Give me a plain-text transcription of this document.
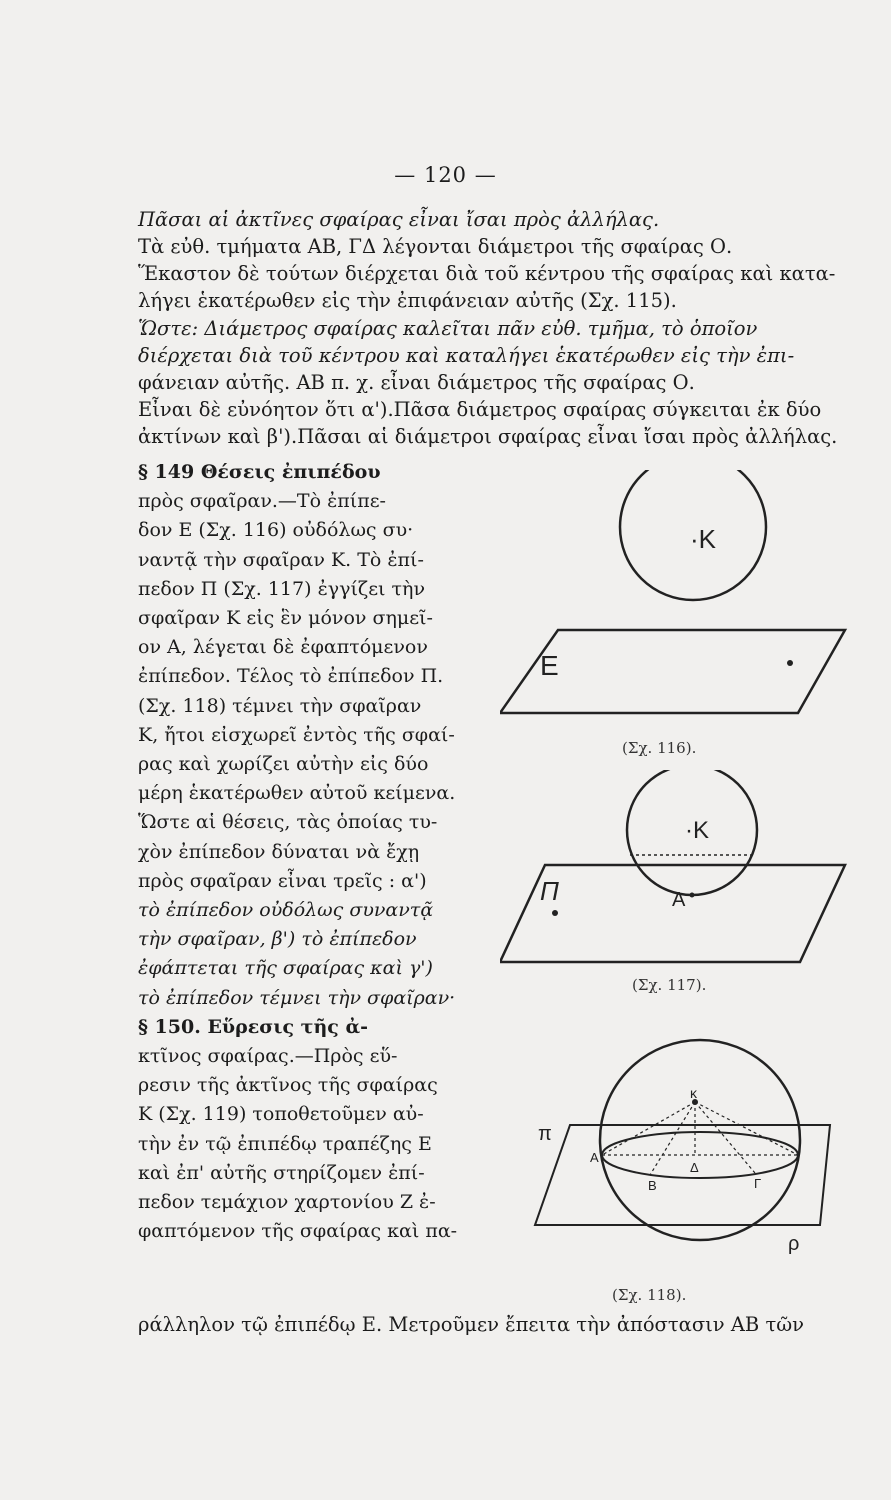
— 120 —
Πᾶσαι αἱ ἀκτῖνες σφαίρας εἶναι ἴσαι πρὸς ἀλλήλας.
Τὰ εὐθ. τμήματα ΑΒ, ΓΔ λέγονται διάμετροι τῆς σφαίρας Ο.
Ἕκαστον δὲ τούτων διέρχεται διὰ τοῦ κέντρου τῆς σφαίρας καὶ κατα-
λήγει ἑκατέρωθεν εἰς τὴν ἐπιφάνειαν αὐτῆς (Σχ. 115).
Ὥστε: Διάμετρος σφαίρας καλεῖται πᾶν εὐθ. τμῆμα, τὸ ὁποῖον
διέρχεται διὰ τοῦ κέντρου καὶ καταλήγει ἑκατέρωθεν εἰς τὴν ἐπι-
φάνειαν αὐτῆς. ΑΒ π. χ. εἶναι διάμετρος τῆς σφαίρας Ο.
Εἶναι δὲ εὐνόητον ὅτι α').Πᾶσα διάμετρος σφαίρας σύγκειται ἐκ δύο
ἀκτίνων καὶ β').Πᾶσαι αἱ διάμετροι σφαίρας εἶναι ἴσαι πρὸς ἀλλήλας.
§ 149 Θέσεις ἐπιπέδου
πρὸς σφαῖραν.—Τὸ ἐπίπε-
δον Ε (Σχ. 116) οὐδόλως συ·
ναντᾷ τὴν σφαῖραν Κ. Τὸ ἐπί-
πεδον Π (Σχ. 117) ἐγγίζει τὴν
σφαῖραν Κ εἰς ἓν μόνον σημεῖ-
ον Α, λέγεται δὲ ἐφαπτόμενον
ἐπίπεδον. Τέλος τὸ ἐπίπεδον Π.
(Σχ. 118) τέμνει τὴν σφαῖραν
Κ, ἤτοι εἰσχωρεῖ ἐντὸς τῆς σφαί-
ρας καὶ χωρίζει αὐτὴν εἰς δύο
μέρη ἑκατέρωθεν αὐτοῦ κείμενα.
Ὥστε αἱ θέσεις, τὰς ὁποίας τυ-
χὸν ἐπίπεδον δύναται νὰ ἔχῃ
πρὸς σφαῖραν εἶναι τρεῖς : α')
τὸ ἐπίπεδον οὐδόλως συναντᾷ
τὴν σφαῖραν, β') τὸ ἐπίπεδον
ἐφάπτεται τῆς σφαίρας καὶ γ')
τὸ ἐπίπεδον τέμνει τὴν σφαῖραν·
§ 150. Εὕρεσις τῆς ἀ-
κτῖνος σφαίρας.—Πρὸς εὕ-
ρεσιν τῆς ἀκτῖνος τῆς σφαίρας
Κ (Σχ. 119) τοποθετοῦμεν αὐ-
τὴν ἐν τῷ ἐπιπέδῳ τραπέζης Ε
καὶ ἐπ' αὐτῆς στηρίζομεν ἐπί-
πεδον τεμάχιον χαρτονίου Ζ ἐ-
φαπτόμενον τῆς σφαίρας καὶ πα-
·Κ
Ε
(Σχ. 116).
·Κ
Π	Α
(Σχ. 117).
κ
π
ρ
Α
Β
Δ
Γ
(Σχ. 118).
ράλληλον τῷ ἐπιπέδῳ Ε. Μετροῦμεν ἔπειτα τὴν ἀπόστασιν ΑΒ τῶν
